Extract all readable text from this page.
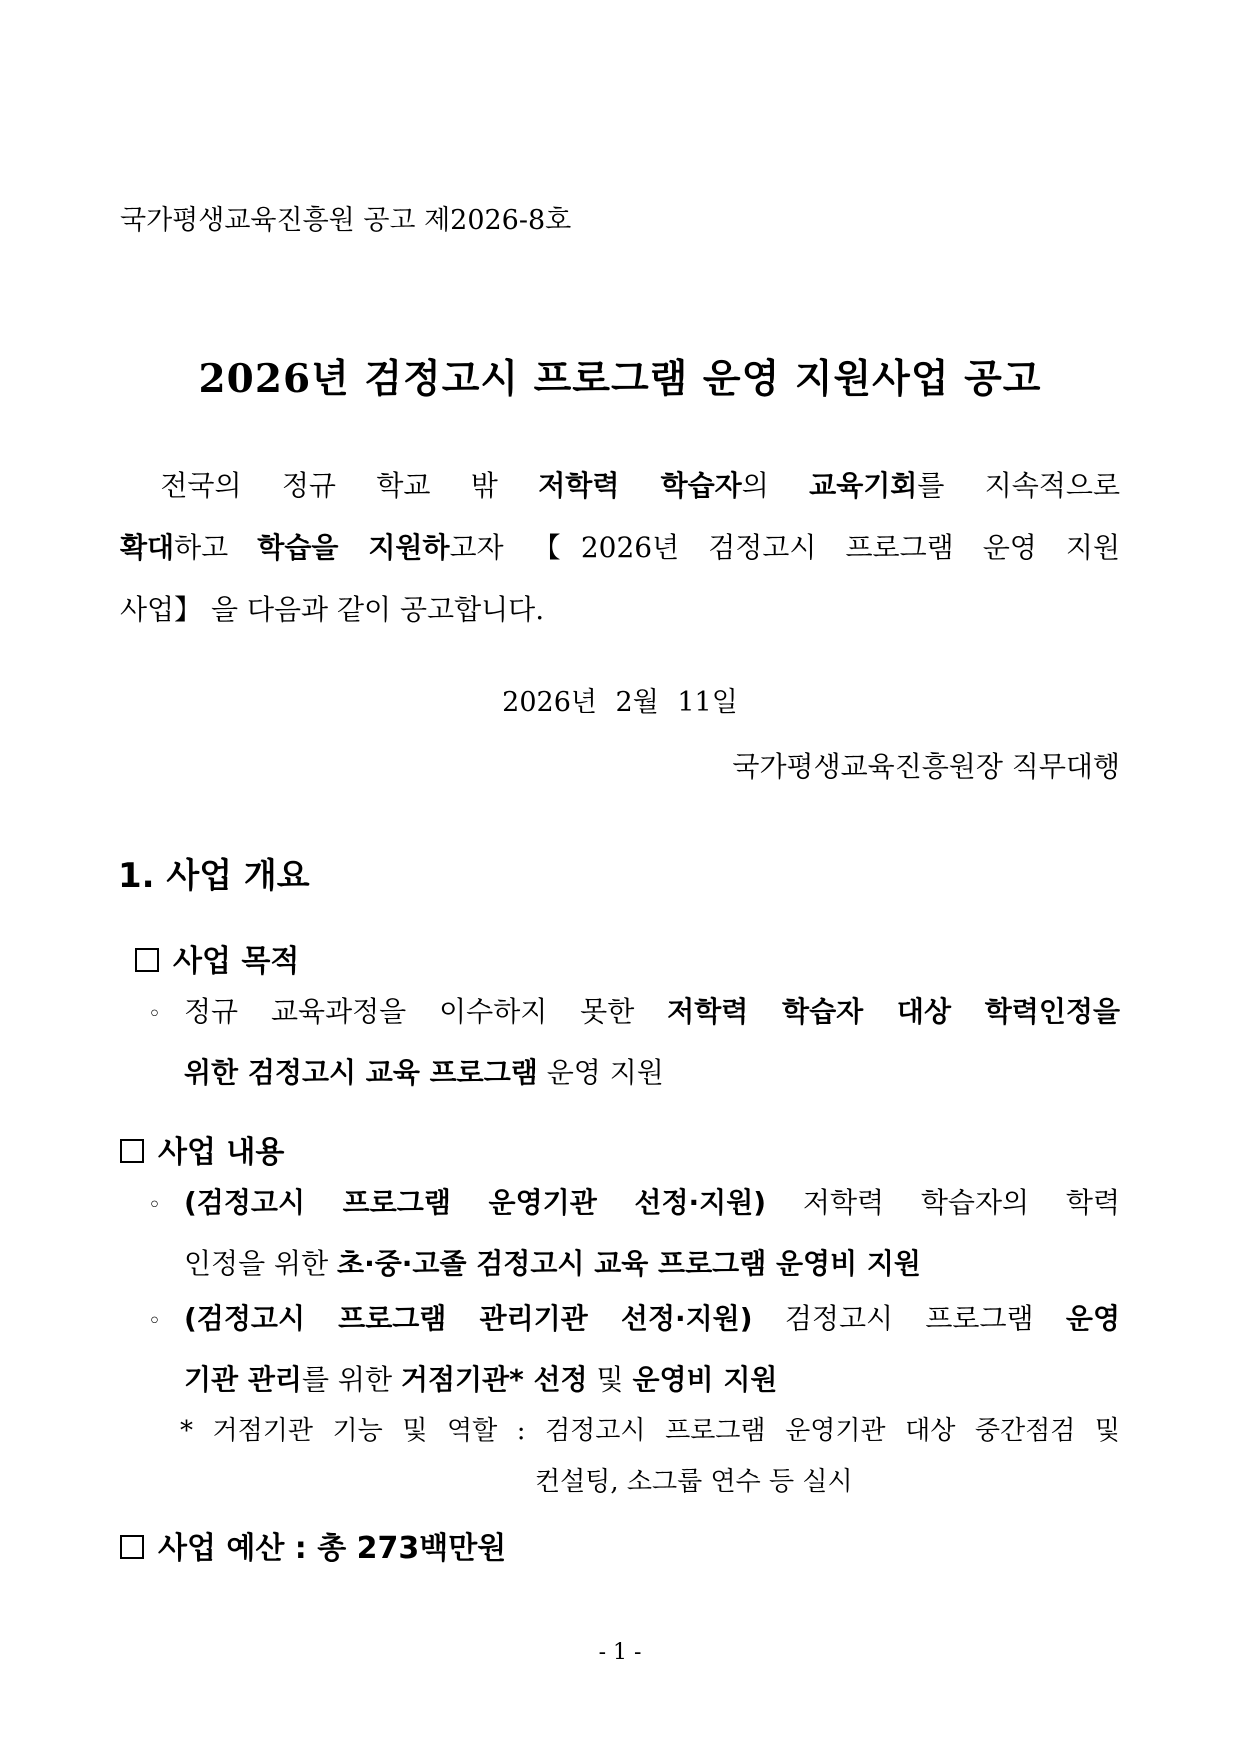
국가평생교육진흥원 공고 제2026-8호
2026년 검정고시 프로그램 운영 지원사업 공고
전국의 정규 학교 밖 저학력 학습자의 교육기회를 지속적으로
확대하고 학습을 지원하고자 【2026년 검정고시 프로그램 운영 지원
사업】 을 다음과 같이 공고합니다.
2026년 2월 11일
국가평생교육진흥원장 직무대행
1. 사업 개요
사업 목적
◦ 정규 교육과정을 이수하지 못한 저학력 학습자 대상 학력인정을
위한 검정고시 교육 프로그램 운영 지원
사업 내용
◦ (검정고시 프로그램 운영기관 선정·지원) 저학력 학습자의 학력
인정을 위한 초·중·고졸 검정고시 교육 프로그램 운영비 지원
◦ (검정고시 프로그램 관리기관 선정·지원) 검정고시 프로그램 운영
기관 관리를 위한 거점기관* 선정 및 운영비 지원
* 거점기관 기능 및 역할 : 검정고시 프로그램 운영기관 대상 중간점검 및
컨설팅, 소그룹 연수 등 실시
사업 예산 : 총 273백만원
- 1 -
